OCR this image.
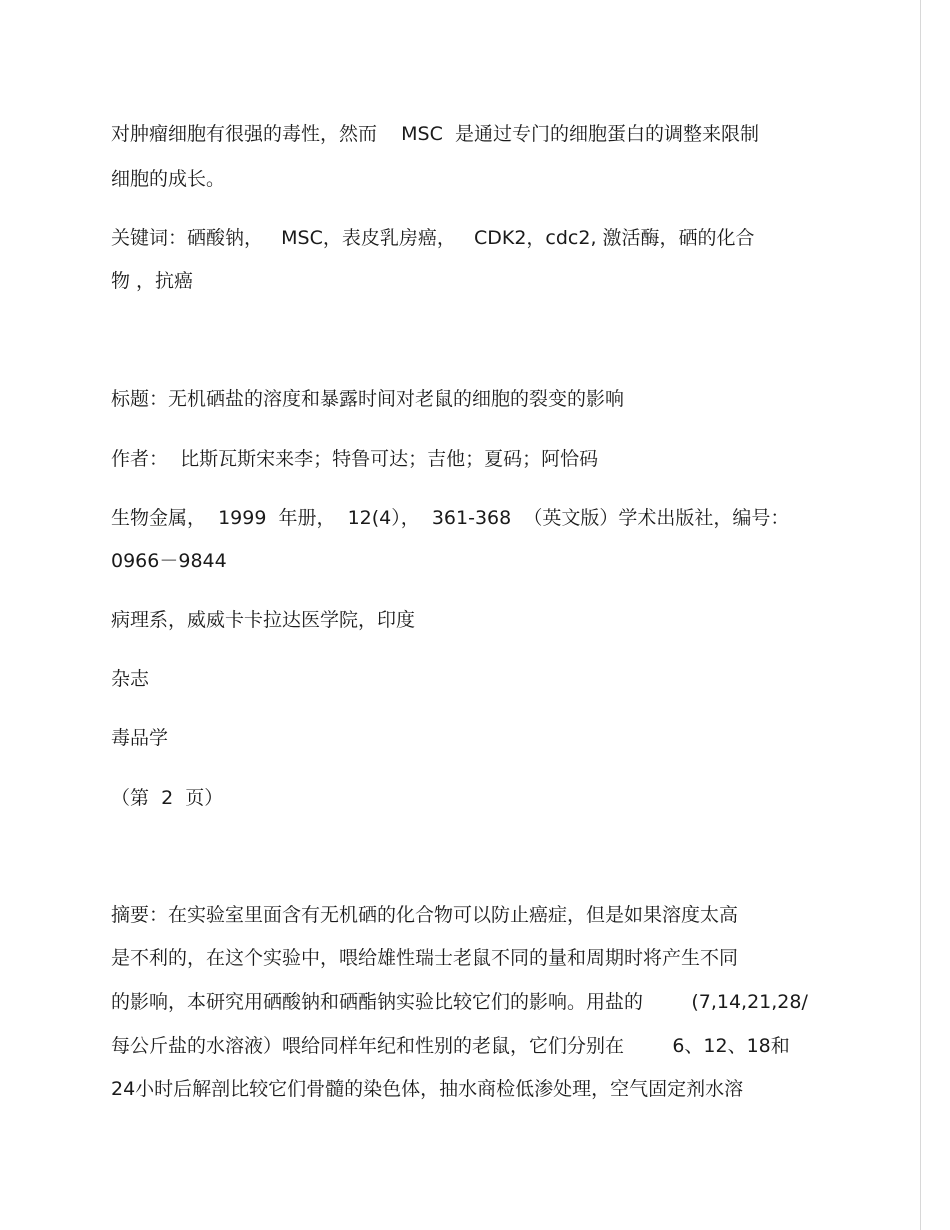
对肿瘤细胞有很强的毒性，然而    MSC  是通过专门的细胞蛋白的调整来限制

细胞的成长。

关键词：硒酸钠，   MSC，表皮乳房癌，   CDK2，cdc2, 激活酶，硒的化合

物 ，抗癌

标题：无机硒盐的溶度和暴露时间对老鼠的细胞的裂变的影响

作者：  比斯瓦斯宋来李；特鲁可达；吉他；夏码；阿恰码

生物金属，  1999  年册，  12(4），  361-368  （英文版）学术出版社，编号：

0966－9844

病理系，威威卡卡拉达医学院，印度

杂志

毒品学

（第  2  页）

摘要：在实验室里面含有无机硒的化合物可以防止癌症，但是如果溶度太高

是不利的，在这个实验中，喂给雄性瑞士老鼠不同的量和周期时将产生不同

的影响，本研究用硒酸钠和硒酯钠实验比较它们的影响。用盐的        (7,14,21,28/

每公斤盐的水溶液）喂给同样年纪和性别的老鼠，它们分别在        6、12、18和

24小时后解剖比较它们骨髓的染色体，抽水商检低渗处理，空气固定剂水溶
